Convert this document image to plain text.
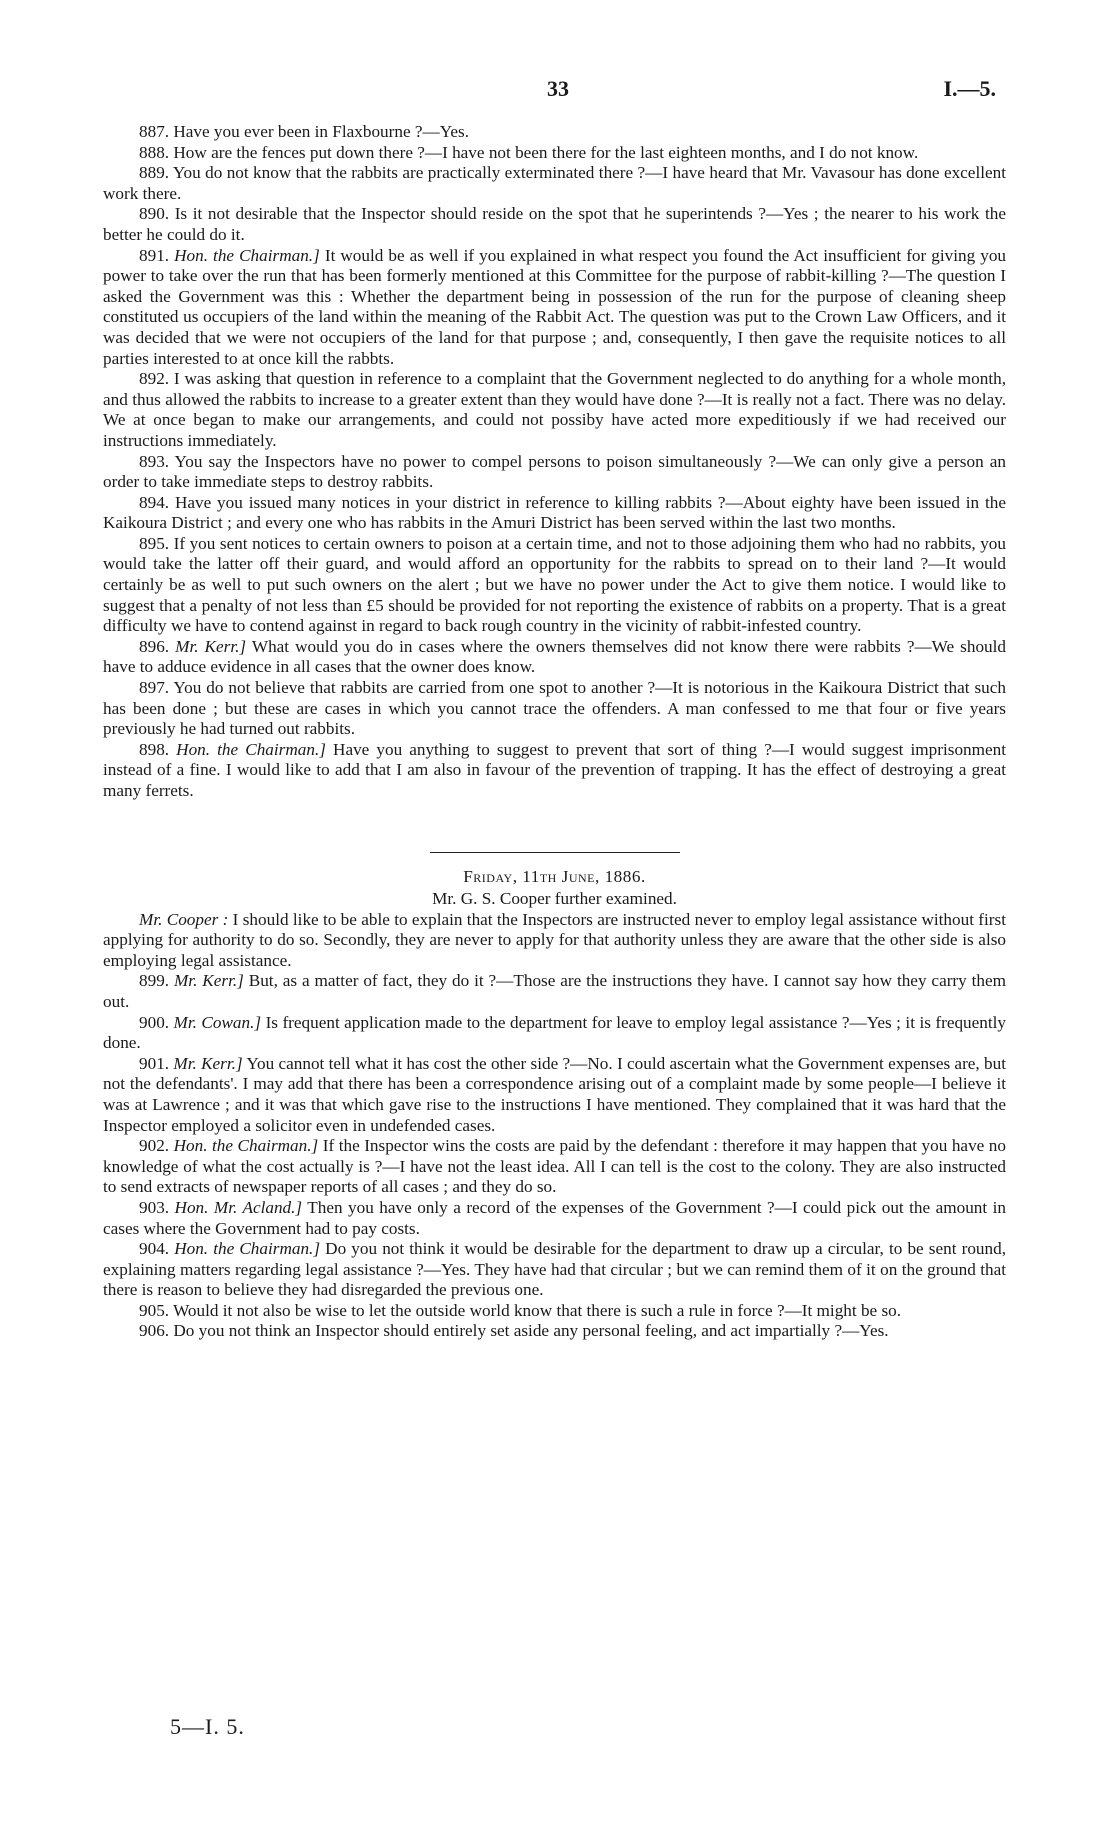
33	I.—5.

887. Have you ever been in Flaxbourne ?—Yes.

888. How are the fences put down there ?—I have not been there for the last eighteen months, and I do not know.

889. You do not know that the rabbits are practically exterminated there ?—I have heard that Mr. Vavasour has done excellent work there.

890. Is it not desirable that the Inspector should reside on the spot that he superintends ?—Yes ; the nearer to his work the better he could do it.

891. Hon. the Chairman.] It would be as well if you explained in what respect you found the Act insufficient for giving you power to take over the run that has been formerly mentioned at this Committee for the purpose of rabbit-killing ?—The question I asked the Government was this : Whether the department being in possession of the run for the purpose of cleaning sheep constituted us occupiers of the land within the meaning of the Rabbit Act. The question was put to the Crown Law Officers, and it was decided that we were not occupiers of the land for that purpose ; and, consequently, I then gave the requisite notices to all parties interested to at once kill the rabbts.

892. I was asking that question in reference to a complaint that the Government neglected to do anything for a whole month, and thus allowed the rabbits to increase to a greater extent than they would have done ?—It is really not a fact. There was no delay. We at once began to make our arrangements, and could not possiby have acted more expeditiously if we had received our instructions immediately.

893. You say the Inspectors have no power to compel persons to poison simultaneously ?—We can only give a person an order to take immediate steps to destroy rabbits.

894. Have you issued many notices in your district in reference to killing rabbits ?—About eighty have been issued in the Kaikoura District ; and every one who has rabbits in the Amuri District has been served within the last two months.

895. If you sent notices to certain owners to poison at a certain time, and not to those adjoining them who had no rabbits, you would take the latter off their guard, and would afford an opportunity for the rabbits to spread on to their land ?—It would certainly be as well to put such owners on the alert ; but we have no power under the Act to give them notice. I would like to suggest that a penalty of not less than £5 should be provided for not reporting the existence of rabbits on a property. That is a great difficulty we have to contend against in regard to back rough country in the vicinity of rabbit-infested country.

896. Mr. Kerr.] What would you do in cases where the owners themselves did not know there were rabbits ?—We should have to adduce evidence in all cases that the owner does know.

897. You do not believe that rabbits are carried from one spot to another ?—It is notorious in the Kaikoura District that such has been done ; but these are cases in which you cannot trace the offenders. A man confessed to me that four or five years previously he had turned out rabbits.

898. Hon. the Chairman.] Have you anything to suggest to prevent that sort of thing ?—I would suggest imprisonment instead of a fine. I would like to add that I am also in favour of the prevention of trapping. It has the effect of destroying a great many ferrets.

Friday, 11th June, 1886.

Mr. G. S. Cooper further examined.

Mr. Cooper : I should like to be able to explain that the Inspectors are instructed never to employ legal assistance without first applying for authority to do so. Secondly, they are never to apply for that authority unless they are aware that the other side is also employing legal assistance.

899. Mr. Kerr.] But, as a matter of fact, they do it ?—Those are the instructions they have. I cannot say how they carry them out.

900. Mr. Cowan.] Is frequent application made to the department for leave to employ legal assistance ?—Yes ; it is frequently done.

901. Mr. Kerr.] You cannot tell what it has cost the other side ?—No. I could ascertain what the Government expenses are, but not the defendants'. I may add that there has been a correspondence arising out of a complaint made by some people—I believe it was at Lawrence ; and it was that which gave rise to the instructions I have mentioned. They complained that it was hard that the Inspector employed a solicitor even in undefended cases.

902. Hon. the Chairman.] If the Inspector wins the costs are paid by the defendant : therefore it may happen that you have no knowledge of what the cost actually is ?—I have not the least idea. All I can tell is the cost to the colony. They are also instructed to send extracts of newspaper reports of all cases ; and they do so.

903. Hon. Mr. Acland.] Then you have only a record of the expenses of the Government ?—I could pick out the amount in cases where the Government had to pay costs.

904. Hon. the Chairman.] Do you not think it would be desirable for the department to draw up a circular, to be sent round, explaining matters regarding legal assistance ?—Yes. They have had that circular ; but we can remind them of it on the ground that there is reason to believe they had disregarded the previous one.

905. Would it not also be wise to let the outside world know that there is such a rule in force ?—It might be so.

906. Do you not think an Inspector should entirely set aside any personal feeling, and act impartially ?—Yes.

5—I. 5.
